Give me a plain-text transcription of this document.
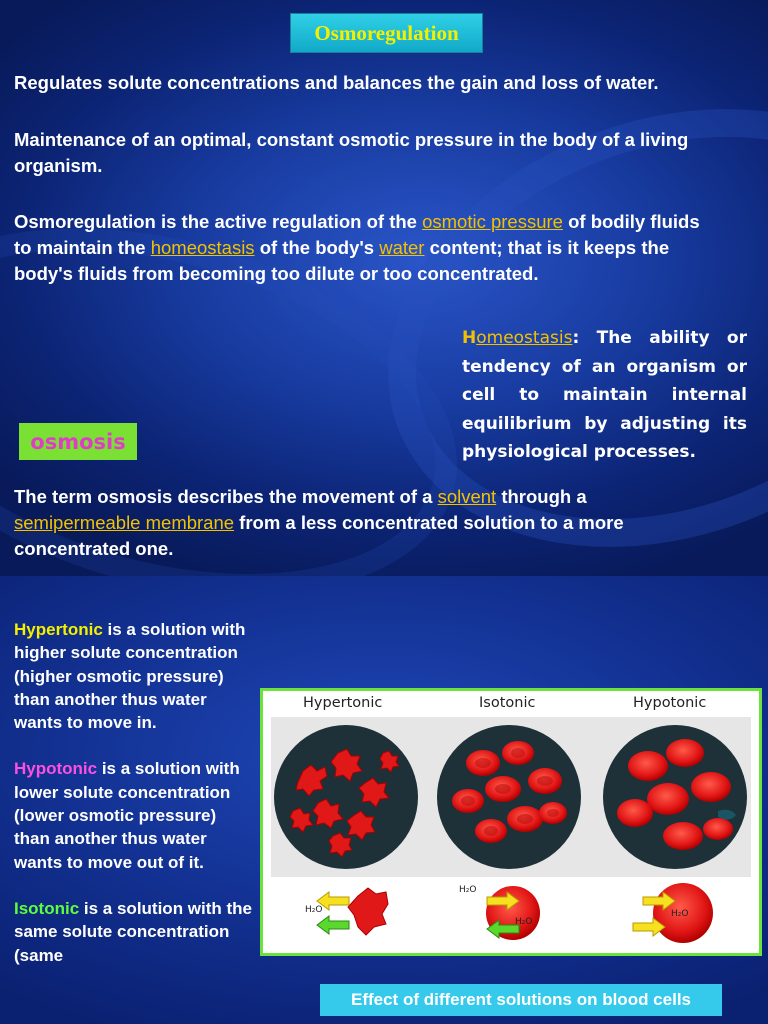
Osmoregulation
Regulates solute concentrations and balances the gain and loss of water.
Maintenance of an optimal, constant osmotic pressure in the body of a living organism.
Osmoregulation is the active regulation of the osmotic pressure of bodily fluids to maintain the homeostasis of the body's water content; that is it keeps the body's fluids from becoming too dilute or too concentrated.
Homeostasis: The ability or tendency of an organism or cell to maintain internal equilibrium by adjusting its physiological processes.
osmosis
The term osmosis describes the movement of a solvent through a semipermeable membrane from a less concentrated solution to a more concentrated one.

Hypertonic is a solution with higher solute concentration (higher osmotic pressure) than another thus water wants to move in.

Hypotonic is a solution with lower solute concentration (lower osmotic pressure) than another thus water wants to move out of it.

Isotonic is a solution with the same solute concentration (same

Hypertonic	Isotonic	Hypotonic
H₂O
H₂O
H₂O
H₂O
Effect of different solutions on blood cells
